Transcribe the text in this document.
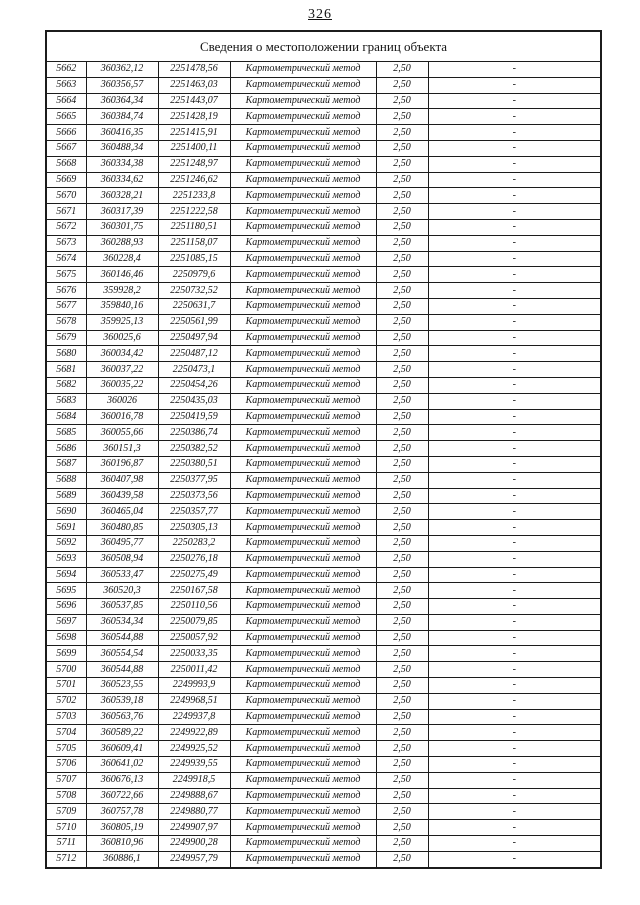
326
Сведения о местоположении границ объекта					
5662	360362,12	2251478,56	Картометрический метод	2,50	-
5663	360356,57	2251463,03	Картометрический метод	2,50	-
5664	360364,34	2251443,07	Картометрический метод	2,50	-
5665	360384,74	2251428,19	Картометрический метод	2,50	-
5666	360416,35	2251415,91	Картометрический метод	2,50	-
5667	360488,34	2251400,11	Картометрический метод	2,50	-
5668	360334,38	2251248,97	Картометрический метод	2,50	-
5669	360334,62	2251246,62	Картометрический метод	2,50	-
5670	360328,21	2251233,8	Картометрический метод	2,50	-
5671	360317,39	2251222,58	Картометрический метод	2,50	-
5672	360301,75	2251180,51	Картометрический метод	2,50	-
5673	360288,93	2251158,07	Картометрический метод	2,50	-
5674	360228,4	2251085,15	Картометрический метод	2,50	-
5675	360146,46	2250979,6	Картометрический метод	2,50	-
5676	359928,2	2250732,52	Картометрический метод	2,50	-
5677	359840,16	2250631,7	Картометрический метод	2,50	-
5678	359925,13	2250561,99	Картометрический метод	2,50	-
5679	360025,6	2250497,94	Картометрический метод	2,50	-
5680	360034,42	2250487,12	Картометрический метод	2,50	-
5681	360037,22	2250473,1	Картометрический метод	2,50	-
5682	360035,22	2250454,26	Картометрический метод	2,50	-
5683	360026	2250435,03	Картометрический метод	2,50	-
5684	360016,78	2250419,59	Картометрический метод	2,50	-
5685	360055,66	2250386,74	Картометрический метод	2,50	-
5686	360151,3	2250382,52	Картометрический метод	2,50	-
5687	360196,87	2250380,51	Картометрический метод	2,50	-
5688	360407,98	2250377,95	Картометрический метод	2,50	-
5689	360439,58	2250373,56	Картометрический метод	2,50	-
5690	360465,04	2250357,77	Картометрический метод	2,50	-
5691	360480,85	2250305,13	Картометрический метод	2,50	-
5692	360495,77	2250283,2	Картометрический метод	2,50	-
5693	360508,94	2250276,18	Картометрический метод	2,50	-
5694	360533,47	2250275,49	Картометрический метод	2,50	-
5695	360520,3	2250167,58	Картометрический метод	2,50	-
5696	360537,85	2250110,56	Картометрический метод	2,50	-
5697	360534,34	2250079,85	Картометрический метод	2,50	-
5698	360544,88	2250057,92	Картометрический метод	2,50	-
5699	360554,54	2250033,35	Картометрический метод	2,50	-
5700	360544,88	2250011,42	Картометрический метод	2,50	-
5701	360523,55	2249993,9	Картометрический метод	2,50	-
5702	360539,18	2249968,51	Картометрический метод	2,50	-
5703	360563,76	2249937,8	Картометрический метод	2,50	-
5704	360589,22	2249922,89	Картометрический метод	2,50	-
5705	360609,41	2249925,52	Картометрический метод	2,50	-
5706	360641,02	2249939,55	Картометрический метод	2,50	-
5707	360676,13	2249918,5	Картометрический метод	2,50	-
5708	360722,66	2249888,67	Картометрический метод	2,50	-
5709	360757,78	2249880,77	Картометрический метод	2,50	-
5710	360805,19	2249907,97	Картометрический метод	2,50	-
5711	360810,96	2249900,28	Картометрический метод	2,50	-
5712	360886,1	2249957,79	Картометрический метод	2,50	-
